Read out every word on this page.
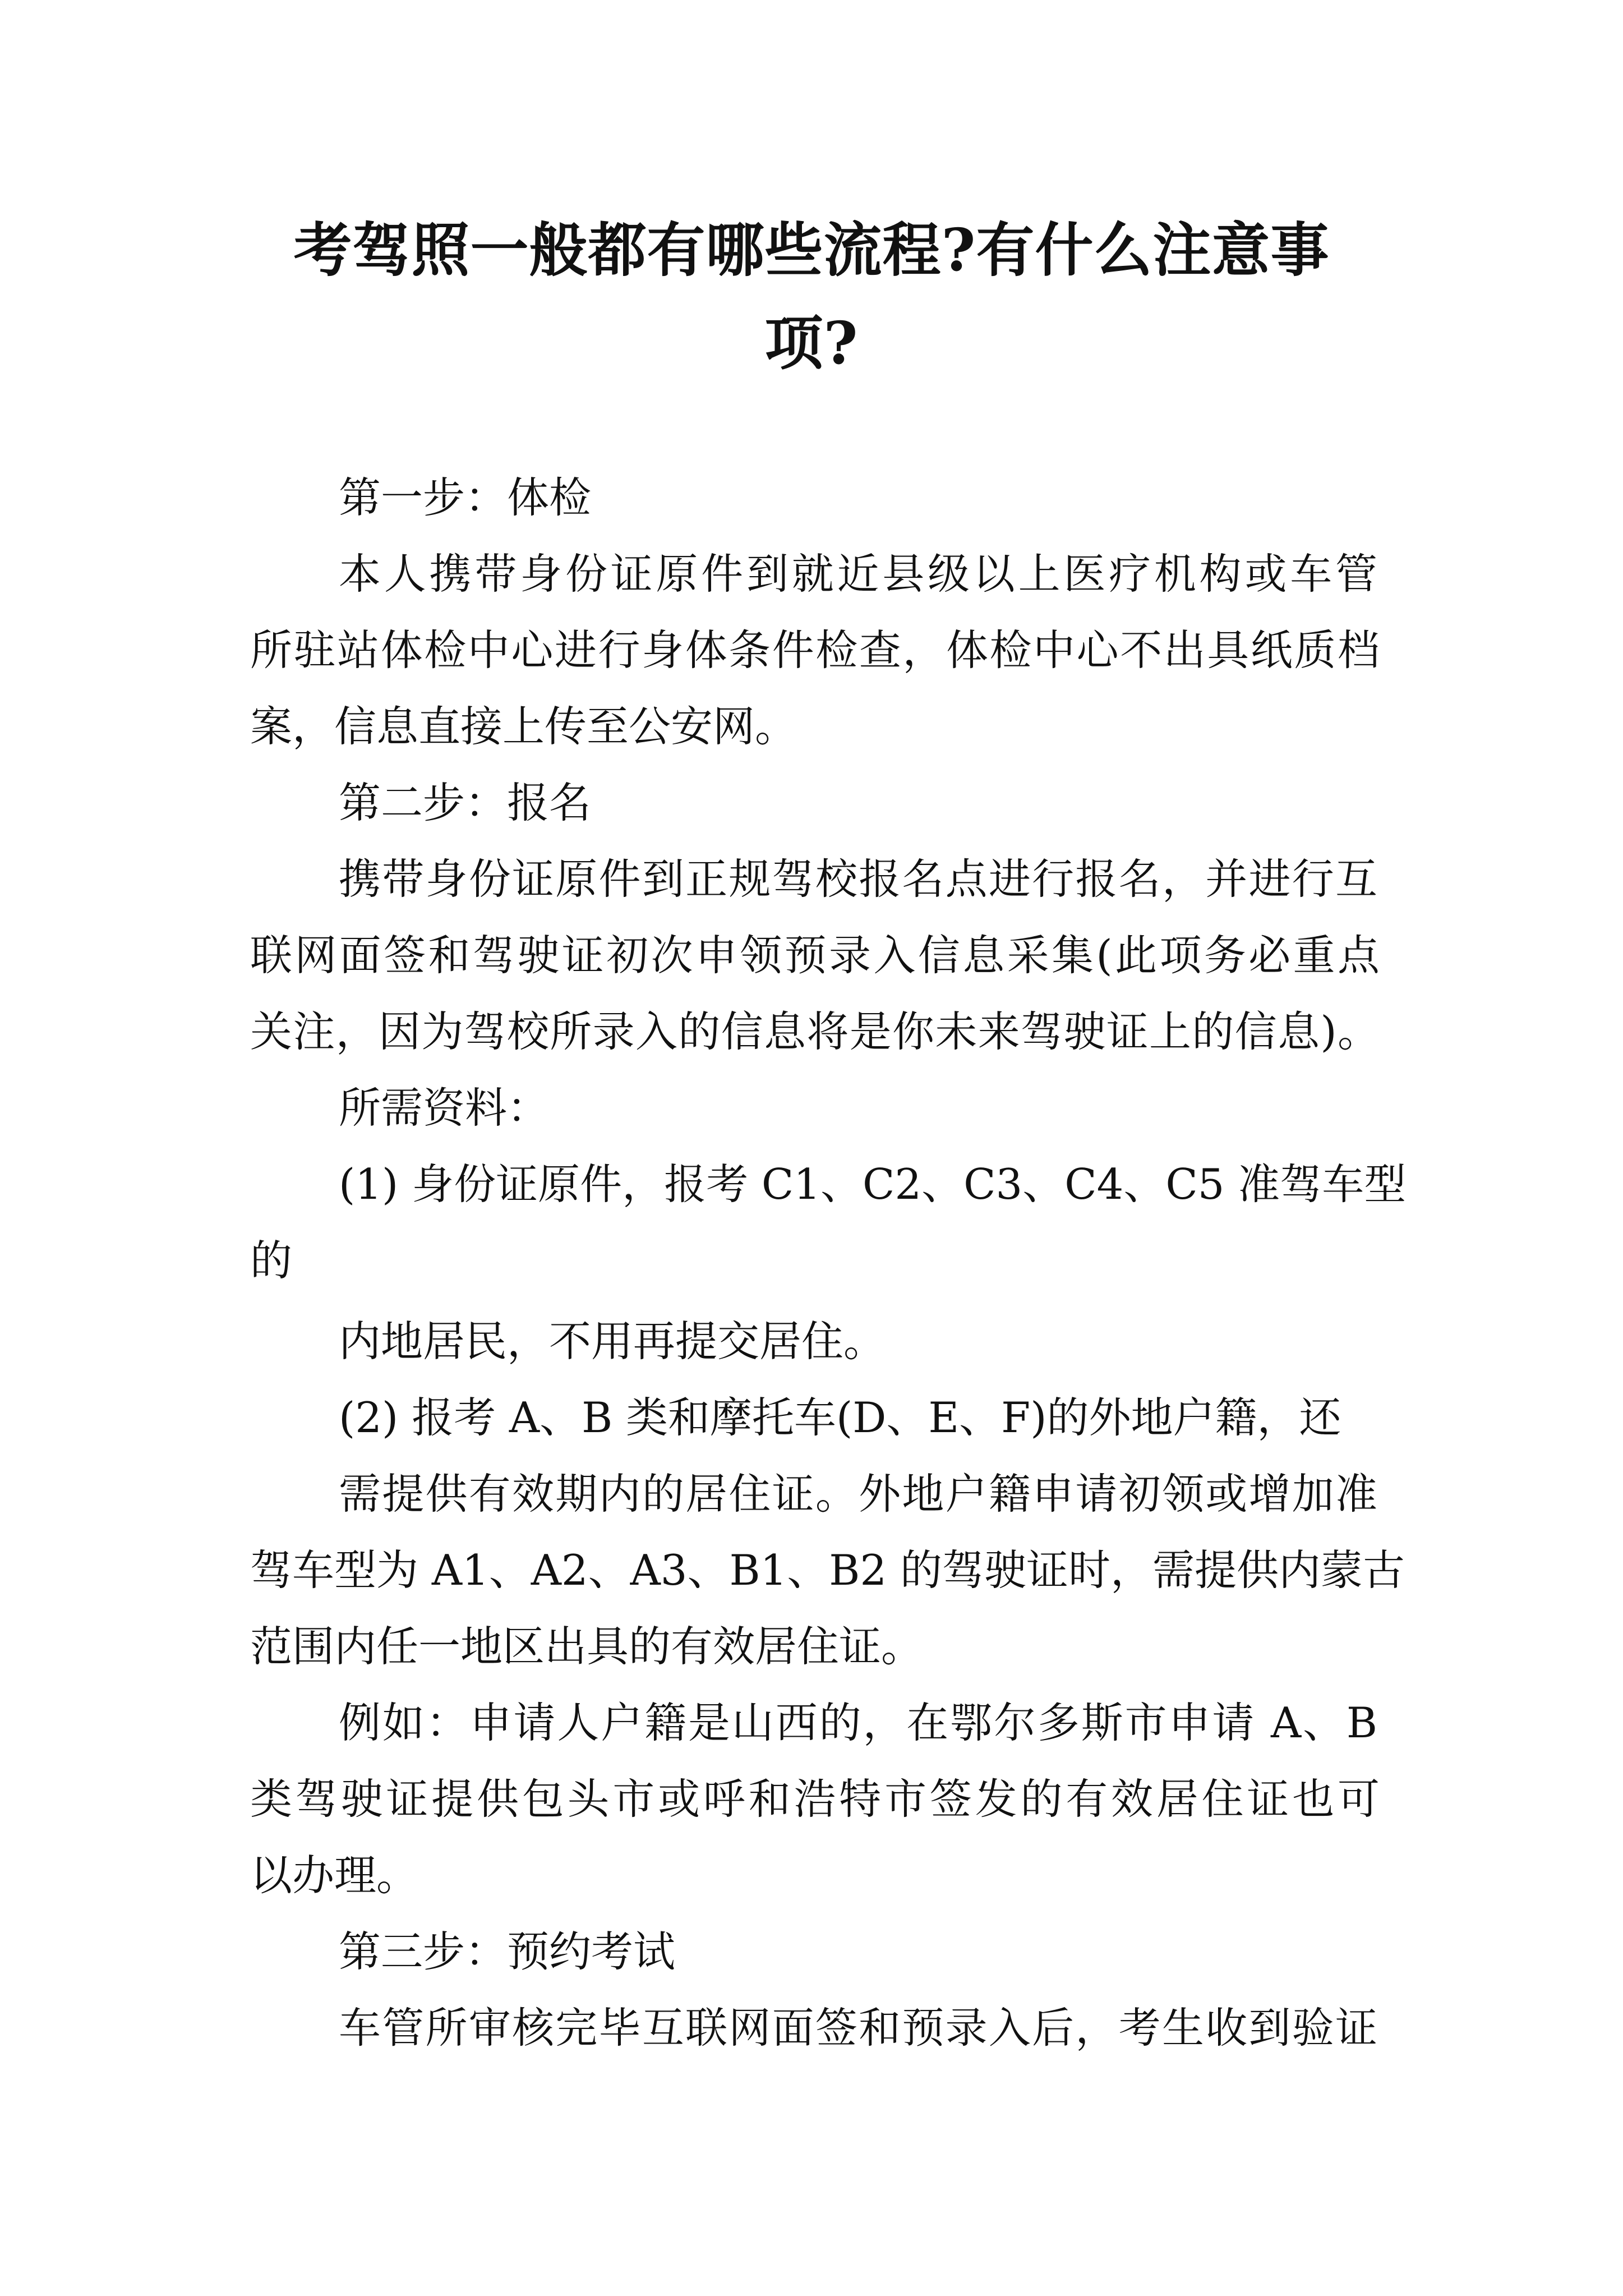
考驾照一般都有哪些流程?有什么注意事
项?

第一步：体检

本人携带身份证原件到就近县级以上医疗机构或车管

所驻站体检中心进行身体条件检查，体检中心不出具纸质档

案，信息直接上传至公安网。

第二步：报名

携带身份证原件到正规驾校报名点进行报名，并进行互

联网面签和驾驶证初次申领预录入信息采集(此项务必重点

关注，因为驾校所录入的信息将是你未来驾驶证上的信息)。

所需资料：

(1) 身份证原件，报考 C1、C2、C3、C4、C5 准驾车型

的

内地居民，不用再提交居住。

(2) 报考 A、B 类和摩托车(D、E、F)的外地户籍，还

需提供有效期内的居住证。外地户籍申请初领或增加准

驾车型为 A1、A2、A3、B1、B2 的驾驶证时，需提供内蒙古

范围内任一地区出具的有效居住证。

例如：申请人户籍是山西的，在鄂尔多斯市申请 A、B

类驾驶证提供包头市或呼和浩特市签发的有效居住证也可

以办理。

第三步：预约考试

车管所审核完毕互联网面签和预录入后，考生收到验证
